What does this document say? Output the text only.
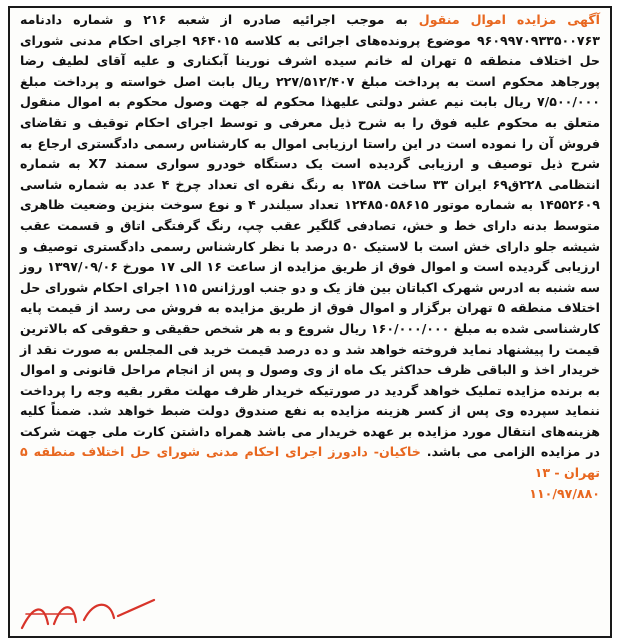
آگهی مزایده اموال منقول به موجب اجرائیه صادره از شعبه ۲۱۶ و شماره دادنامه ۹۶۰۹۹۷۰۹۳۳۵۰۰۷۶۳ موضوع پرونده‌های اجرائی به کلاسه ۹۶۴۰۱۵ اجرای احکام مدنی شورای حل اختلاف منطقه ۵ تهران له خانم سیده اشرف نورینا آبکناری و علیه آقای لطیف رضا پورجاهد محکوم است به پرداخت مبلغ ۲۲۷/۵۱۲/۴۰۷ ریال بابت اصل خواسته و پرداخت مبلغ ۷/۵۰۰/۰۰۰ ریال بابت نیم عشر دولتی علیهذا محکوم له جهت وصول محکوم به اموال منقول متعلق به محکوم علیه فوق را به شرح ذیل معرفی و توسط اجرای احکام توقیف و تقاضای فروش آن را نموده است در این راستا ارزیابی اموال به کارشناس رسمی دادگستری ارجاع به شرح ذیل توصیف و ارزیابی گردیده است یک دستگاه خودرو سواری سمند X7 به شماره انتظامی ۲۲۸ق۶۹ ایران ۳۳ ساخت ۱۳۵۸ به رنگ نقره ای تعداد چرخ ۴ عدد به شماره شاسی ۱۴۵۵۲۶۰۹ به شماره موتور ۱۲۴۸۵۰۵۸۶۱۵ تعداد سیلندر ۴ و نوع سوخت بنزین وضعیت ظاهری متوسط بدنه دارای خط و خش، تصادفی گلگیر عقب چپ، رنگ گرفتگی اتاق و قسمت عقب شیشه جلو دارای خش است با لاستیک ۵۰ درصد با نظر کارشناس رسمی دادگستری توصیف و ارزیابی گردیده است و اموال فوق از طریق مزایده از ساعت ۱۶ الی ۱۷ مورخ ۱۳۹۷/۰۹/۰۶ روز سه شنبه به ادرس شهرک اکباتان بین فاز یک و دو جنب اورژانس ۱۱۵ اجرای احکام شورای حل اختلاف منطقه ۵ تهران برگزار و اموال فوق از طریق مزایده به فروش می رسد از قیمت پایه کارشناسی شده به مبلغ ۱۶۰/۰۰۰/۰۰۰ ریال شروع و به هر شخص حقیقی و حقوقی که بالاترین قیمت را پیشنهاد نماید فروخته خواهد شد و ده درصد قیمت خرید فی المجلس به صورت نقد از خریدار اخذ و الباقی ظرف حداکثر یک ماه از وی وصول و پس از انجام مراحل قانونی و اموال به برنده مزایده تملیک خواهد گردید در صورتیکه خریدار ظرف مهلت مقرر بقیه وجه را پرداخت ننماید سپرده وی پس از کسر هزینه مزایده به نفع صندوق دولت ضبط خواهد شد. ضمناً کلیه هزینه‌های انتقال مورد مزایده بر عهده خریدار می باشد همراه داشتن کارت ملی جهت شرکت در مزایده الزامی می باشد. خاکیان- دادورز اجرای احکام مدنی شورای حل اختلاف منطقه ۵ تهران - ۱۳

۱۱۰/۹۷/۸۸۰
